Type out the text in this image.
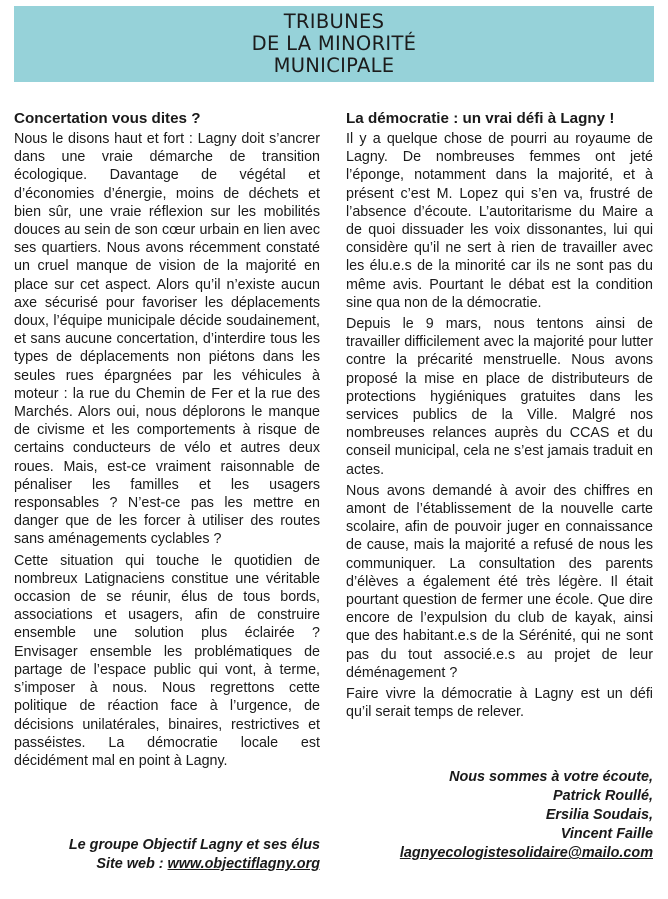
TRIBUNES
DE LA MINORITÉ
MUNICIPALE
Concertation vous dites ?

Nous le disons haut et fort : Lagny doit s’ancrer dans une vraie démarche de transition écologique. Davantage de végétal et d’économies d’énergie, moins de déchets et bien sûr, une vraie réflexion sur les mobilités douces au sein de son cœur urbain en lien avec ses quartiers. Nous avons récemment constaté un cruel manque de vision de la majorité en place sur cet aspect. Alors qu’il n’existe aucun axe sécurisé pour favoriser les déplacements doux, l’équipe municipale décide soudainement, et sans aucune concertation, d’interdire tous les types de déplacements non piétons dans les seules rues épargnées par les véhicules à moteur : la rue du Chemin de Fer et la rue des Marchés. Alors oui, nous déplorons le manque de civisme et les comportements à risque de certains conducteurs de vélo et autres deux roues. Mais, est-ce vraiment raisonnable de pénaliser les familles et les usagers responsables ? N’est-ce pas les mettre en danger que de les forcer à utiliser des routes sans aménagements cyclables ?

Cette situation qui touche le quotidien de nombreux Latignaciens constitue une véritable occasion de se réunir, élus de tous bords, associations et usagers, afin de construire ensemble une solution plus éclairée ? Envisager ensemble les problématiques de partage de l’espace public qui vont, à terme, s’imposer à nous. Nous regrettons cette politique de réaction face à l’urgence, de décisions unilatérales, binaires, restrictives et passéistes. La démocratie locale est décidément mal en point à Lagny.

Le groupe Objectif Lagny et ses élus
Site web : www.objectiflagny.org
La démocratie : un vrai défi à Lagny !

Il y a quelque chose de pourri au royaume de Lagny. De nombreuses femmes ont jeté l’éponge, notamment dans la majorité, et à présent c’est M. Lopez qui s’en va, frustré de l’absence d’écoute. L’autoritarisme du Maire a de quoi dissuader les voix dissonantes, lui qui considère qu’il ne sert à rien de travailler avec les élu.e.s de la minorité car ils ne sont pas du même avis. Pourtant le débat est la condition sine qua non de la démocratie.

Depuis le 9 mars, nous tentons ainsi de travailler difficilement avec la majorité pour lutter contre la précarité menstruelle. Nous avons proposé la mise en place de distributeurs de protections hygiéniques gratuites dans les services publics de la Ville. Malgré nos nombreuses relances auprès du CCAS et du conseil municipal, cela ne s’est jamais traduit en actes.

Nous avons demandé à avoir des chiffres en amont de l’établissement de la nouvelle carte scolaire, afin de pouvoir juger en connaissance de cause, mais la majorité a refusé de nous les communiquer. La consultation des parents d’élèves a également été très légère. Il était pourtant question de fermer une école. Que dire encore de l’expulsion du club de kayak, ainsi que des habitant.e.s de la Sérénité, qui ne sont pas du tout associé.e.s au projet de leur déménagement ?

Faire vivre la démocratie à Lagny est un défi qu’il serait temps de relever.

Nous sommes à votre écoute,
Patrick Roullé,
Ersilia Soudais,
Vincent Faille
lagnyecologistesolidaire@mailo.com
